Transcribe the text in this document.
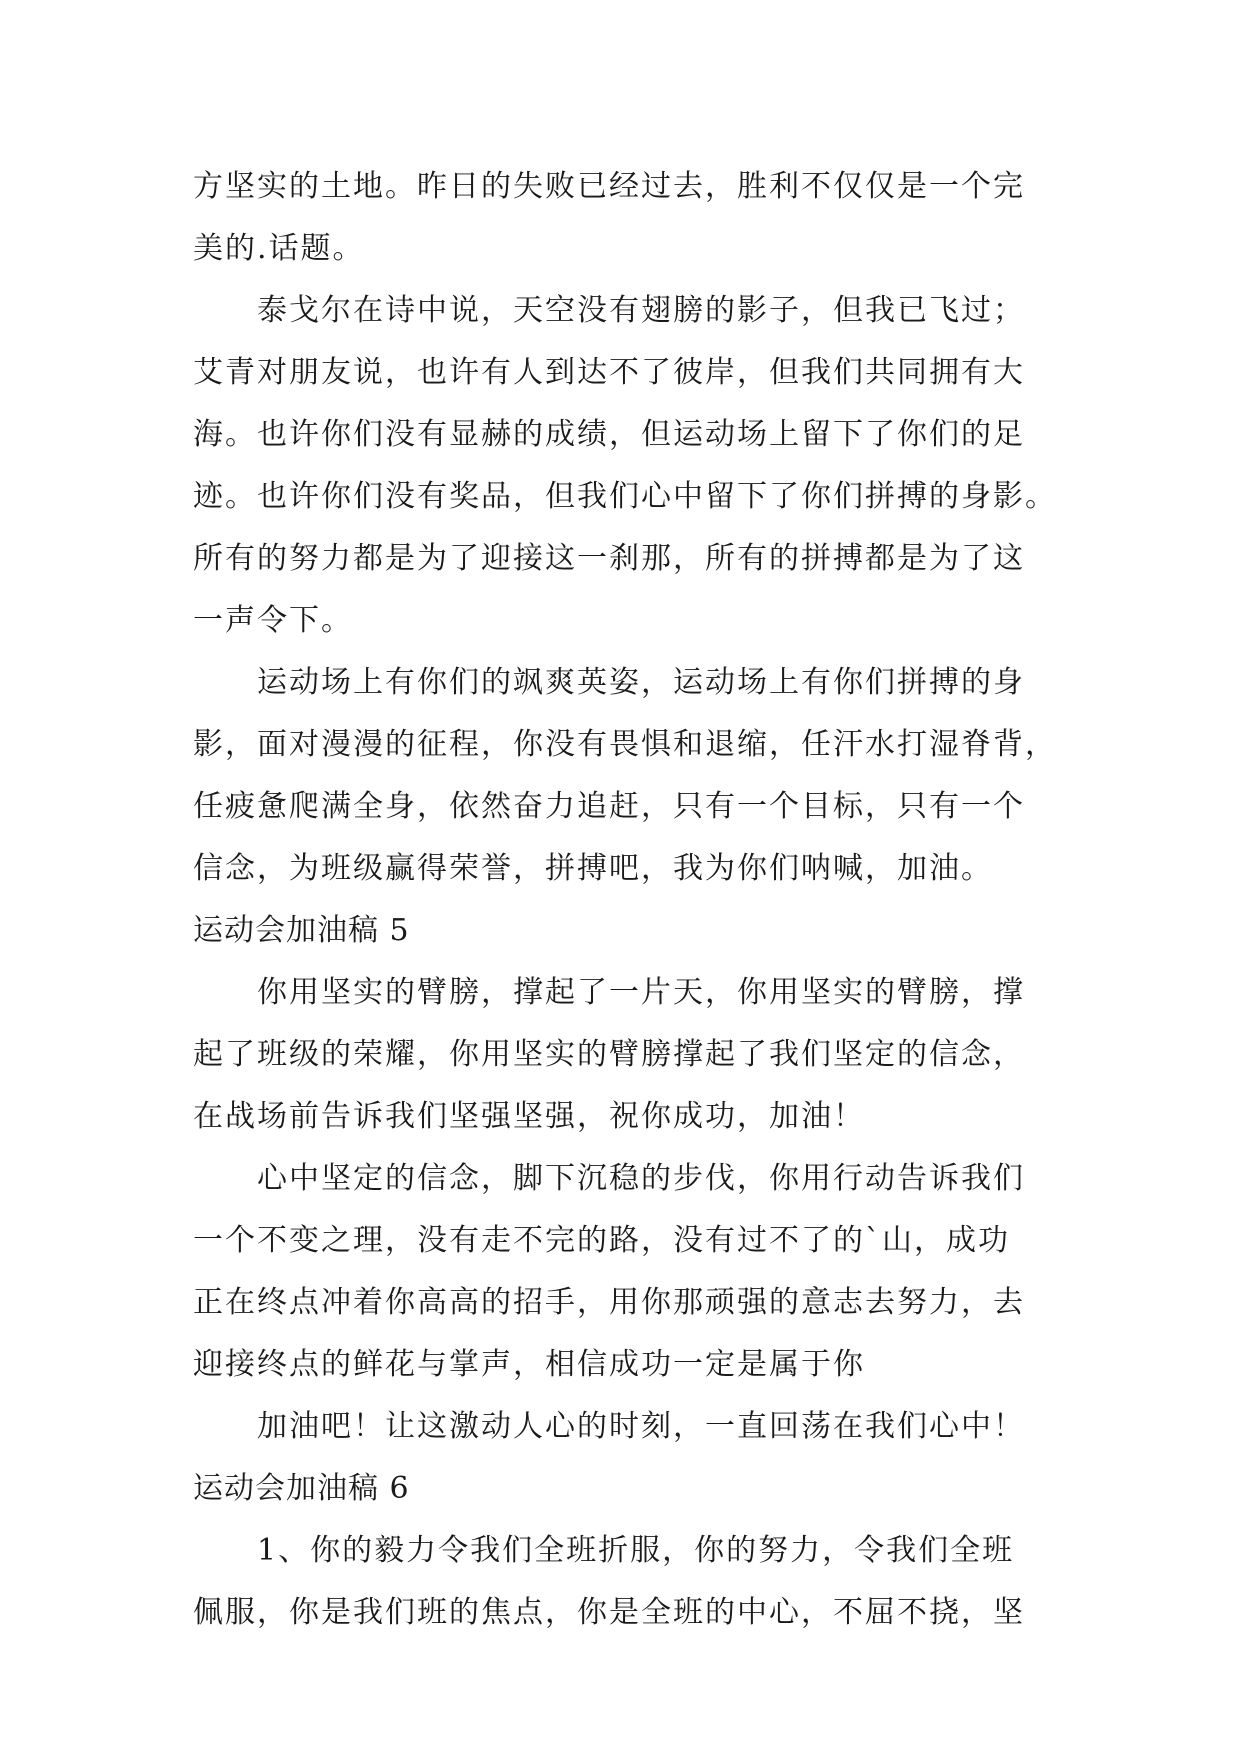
方坚实的土地。昨日的失败已经过去，胜利不仅仅是一个完
美的.话题。
泰戈尔在诗中说，天空没有翅膀的影子，但我已飞过；
艾青对朋友说，也许有人到达不了彼岸，但我们共同拥有大
海。也许你们没有显赫的成绩，但运动场上留下了你们的足
迹。也许你们没有奖品，但我们心中留下了你们拼搏的身影。
所有的努力都是为了迎接这一刹那，所有的拼搏都是为了这
一声令下。
运动场上有你们的飒爽英姿，运动场上有你们拼搏的身
影，面对漫漫的征程，你没有畏惧和退缩，任汗水打湿脊背，
任疲惫爬满全身，依然奋力追赶，只有一个目标，只有一个
信念，为班级赢得荣誉，拼搏吧，我为你们呐喊，加油。
运动会加油稿 5
你用坚实的臂膀，撑起了一片天，你用坚实的臂膀，撑
起了班级的荣耀，你用坚实的臂膀撑起了我们坚定的信念，
在战场前告诉我们坚强坚强，祝你成功，加油！
心中坚定的信念，脚下沉稳的步伐，你用行动告诉我们
一个不变之理，没有走不完的路，没有过不了的`山，成功
正在终点冲着你高高的招手，用你那顽强的意志去努力，去
迎接终点的鲜花与掌声，相信成功一定是属于你
加油吧！让这激动人心的时刻，一直回荡在我们心中！
运动会加油稿 6
1、你的毅力令我们全班折服，你的努力，令我们全班
佩服，你是我们班的焦点，你是全班的中心，不屈不挠，坚
